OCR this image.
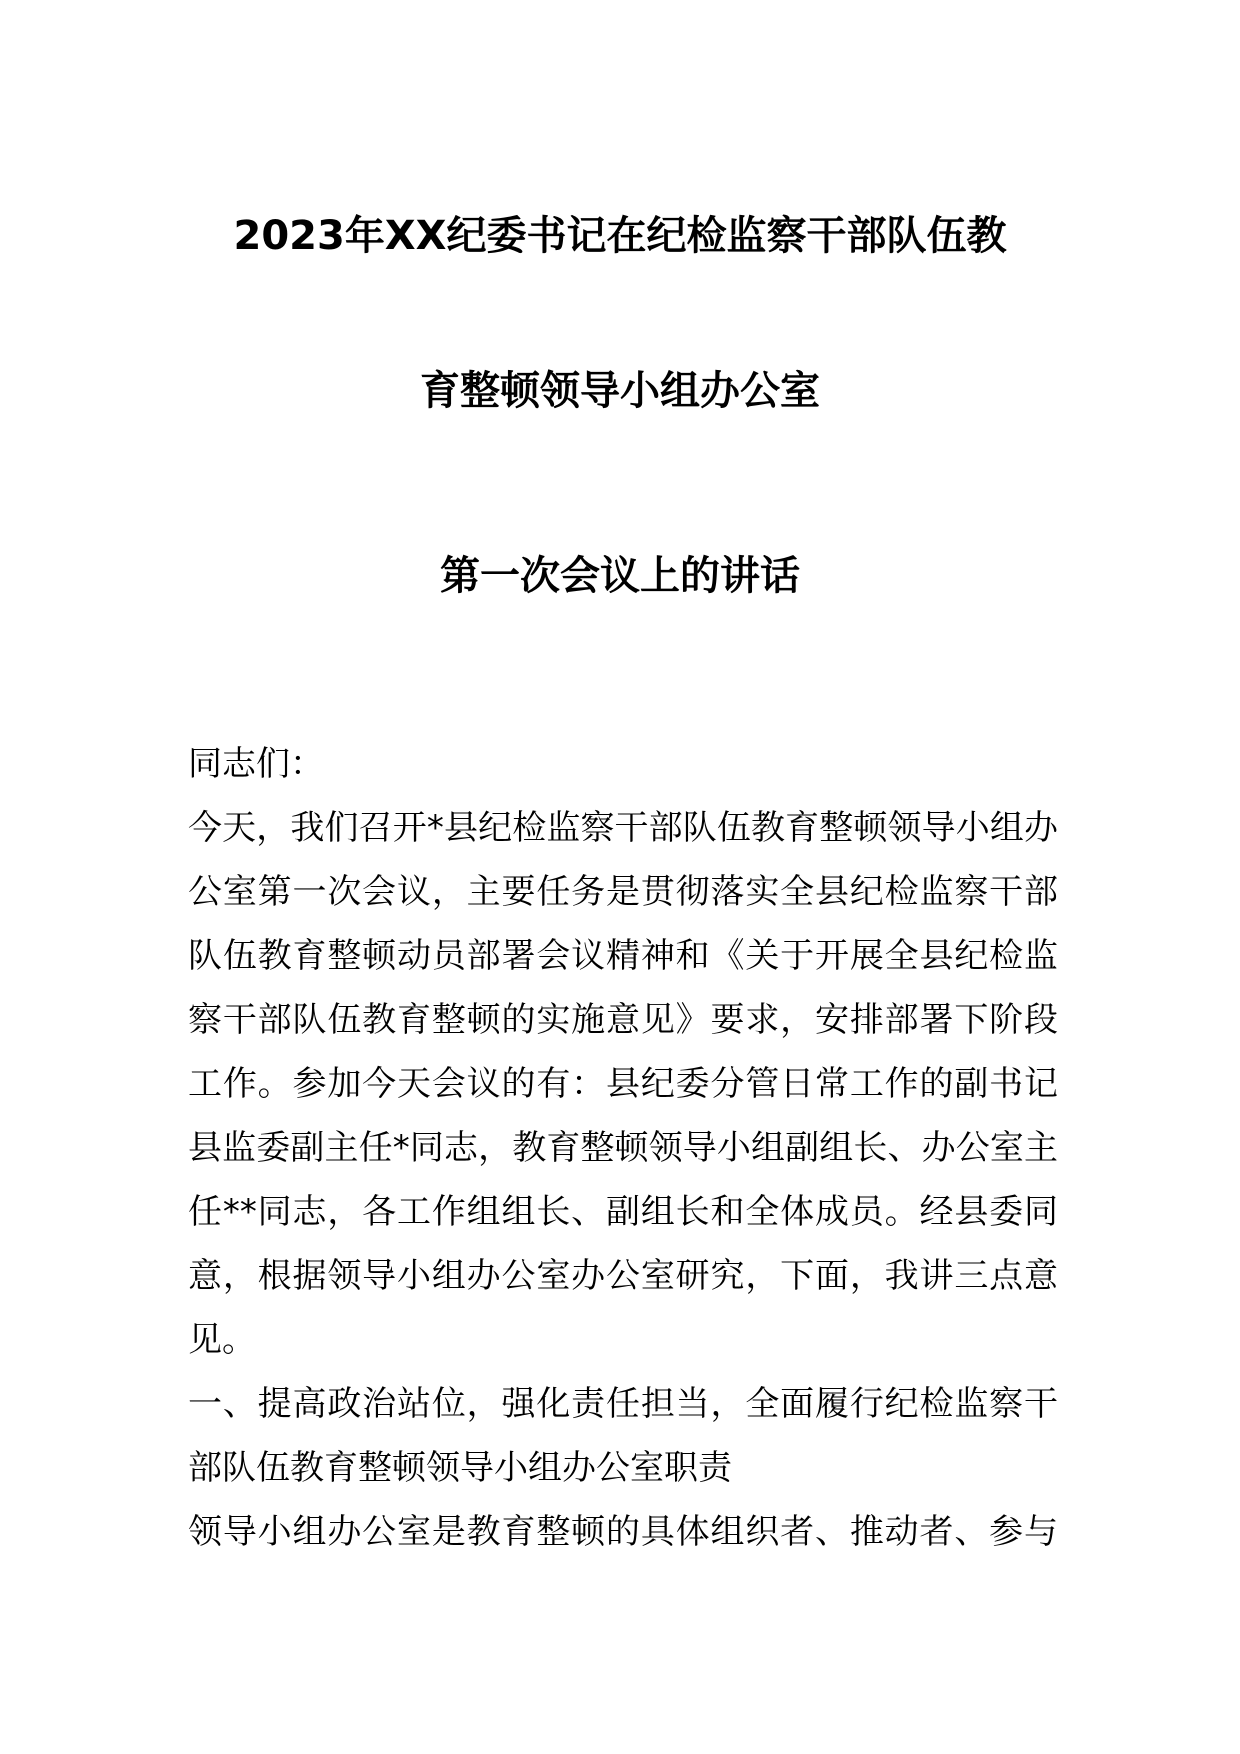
2023年XX纪委书记在纪检监察干部队伍教
育整顿领导小组办公室
第一次会议上的讲话
同志们：
今天，我们召开*县纪检监察干部队伍教育整顿领导小组办
公室第一次会议，主要任务是贯彻落实全县纪检监察干部
队伍教育整顿动员部署会议精神和《关于开展全县纪检监
察干部队伍教育整顿的实施意见》要求，安排部署下阶段
工作。参加今天会议的有：县纪委分管日常工作的副书记
县监委副主任*同志，教育整顿领导小组副组长、办公室主
任**同志，各工作组组长、副组长和全体成员。经县委同
意，根据领导小组办公室办公室研究，下面，我讲三点意
见。
一、提高政治站位，强化责任担当，全面履行纪检监察干
部队伍教育整顿领导小组办公室职责
领导小组办公室是教育整顿的具体组织者、推动者、参与
